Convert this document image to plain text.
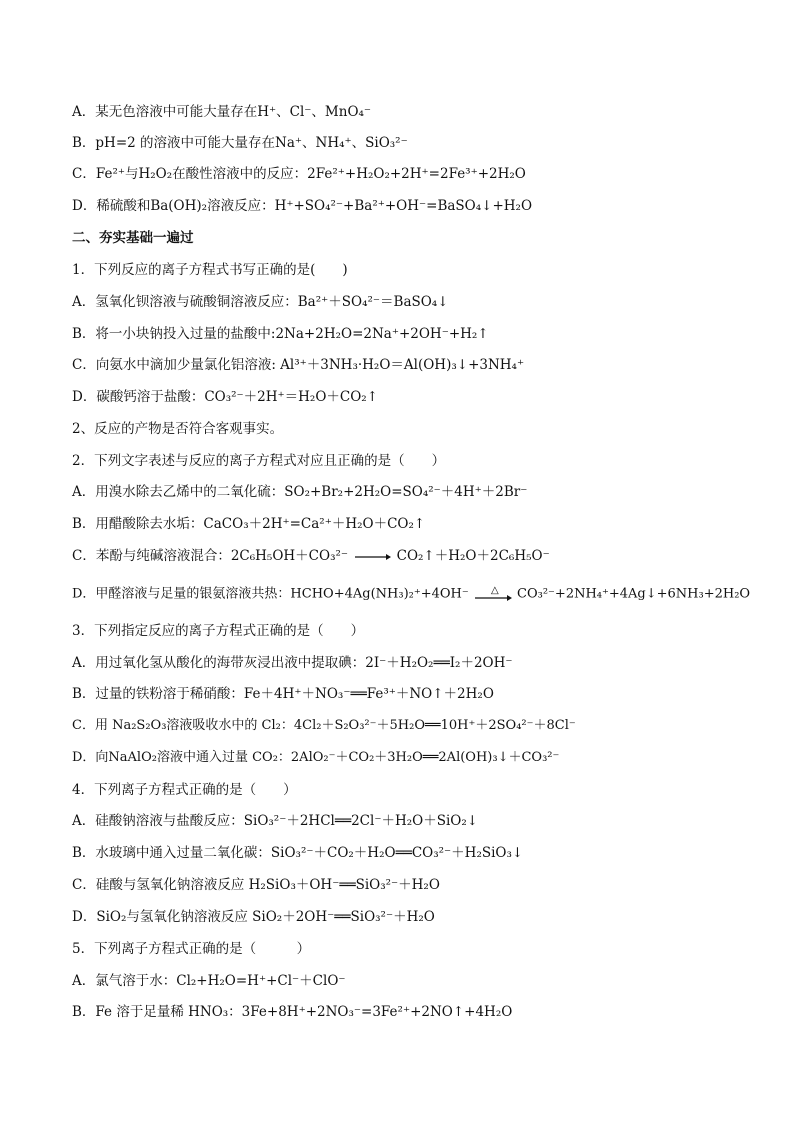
A．某无色溶液中可能大量存在H⁺、Cl⁻、MnO₄⁻
B．pH=2 的溶液中可能大量存在Na⁺、NH₄⁺、SiO₃²⁻
C．Fe²⁺与H₂O₂在酸性溶液中的反应：2Fe²⁺+H₂O₂+2H⁺=2Fe³⁺+2H₂O
D．稀硫酸和Ba(OH)₂溶液反应：H⁺+SO₄²⁻+Ba²⁺+OH⁻=BaSO₄↓+H₂O
二、夯实基础一遍过
1．下列反应的离子方程式书写正确的是(　　)
A．氢氧化钡溶液与硫酸铜溶液反应：Ba²⁺＋SO₄²⁻＝BaSO₄↓
B．将一小块钠投入过量的盐酸中:2Na+2H₂O=2Na⁺+2OH⁻+H₂↑
C．向氨水中滴加少量氯化铝溶液: Al³⁺＋3NH₃·H₂O＝Al(OH)₃↓+3NH₄⁺
D．碳酸钙溶于盐酸：CO₃²⁻＋2H⁺＝H₂O＋CO₂↑
2、反应的产物是否符合客观事实。
2．下列文字表述与反应的离子方程式对应且正确的是（　　）
A．用溴水除去乙烯中的二氧化硫：SO₂+Br₂+2H₂O=SO₄²⁻＋4H⁺＋2Br⁻
B．用醋酸除去水垢：CaCO₃＋2H⁺=Ca²⁺＋H₂O＋CO₂↑
C．苯酚与纯碱溶液混合：2C₆H₅OH＋CO₃²⁻ → CO₂↑＋H₂O＋2C₆H₅O⁻
D．甲醛溶液与足量的银氨溶液共热：HCHO+4Ag(NH₃)₂⁺+4OH⁻ △ CO₃²⁻+2NH₄⁺+4Ag↓+6NH₃+2H₂O
3．下列指定反应的离子方程式正确的是（　　）
A．用过氧化氢从酸化的海带灰浸出液中提取碘：2I⁻＋H₂O₂══I₂＋2OH⁻
B．过量的铁粉溶于稀硝酸：Fe＋4H⁺＋NO₃⁻══Fe³⁺＋NO↑＋2H₂O
C．用 Na₂S₂O₃溶液吸收水中的 Cl₂：4Cl₂＋S₂O₃²⁻＋5H₂O══10H⁺＋2SO₄²⁻＋8Cl⁻
D．向NaAlO₂溶液中通入过量 CO₂：2AlO₂⁻＋CO₂＋3H₂O══2Al(OH)₃↓＋CO₃²⁻
4．下列离子方程式正确的是（　　）
A．硅酸钠溶液与盐酸反应：SiO₃²⁻＋2HCl══2Cl⁻＋H₂O＋SiO₂↓
B．水玻璃中通入过量二氧化碳：SiO₃²⁻＋CO₂＋H₂O══CO₃²⁻＋H₂SiO₃↓
C．硅酸与氢氧化钠溶液反应 H₂SiO₃＋OH⁻══SiO₃²⁻＋H₂O
D．SiO₂与氢氧化钠溶液反应 SiO₂＋2OH⁻══SiO₃²⁻＋H₂O
5．下列离子方程式正确的是（　　　）
A．氯气溶于水：Cl₂+H₂O=H⁺+Cl⁻＋ClO⁻
B．Fe 溶于足量稀 HNO₃：3Fe+8H⁺+2NO₃⁻=3Fe²⁺+2NO↑+4H₂O
